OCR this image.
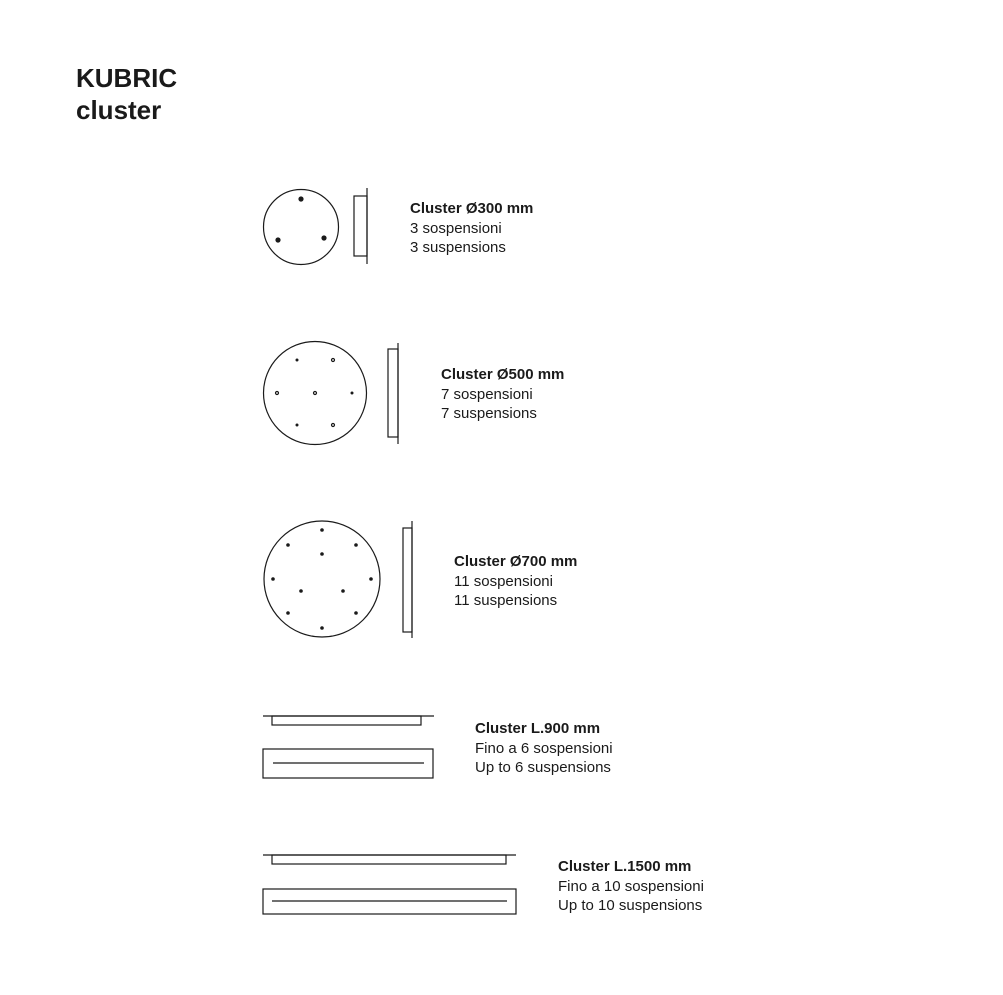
KUBRIC
cluster
Cluster Ø300 mm
3 sospensioni
3 suspensions
Cluster Ø500 mm
7 sospensioni
7 suspensions
Cluster Ø700 mm
11 sospensioni
11 suspensions
Cluster L.900 mm
Fino a 6 sospensioni
Up to 6 suspensions
Cluster L.1500 mm
Fino a 10 sospensioni
Up to 10 suspensions
